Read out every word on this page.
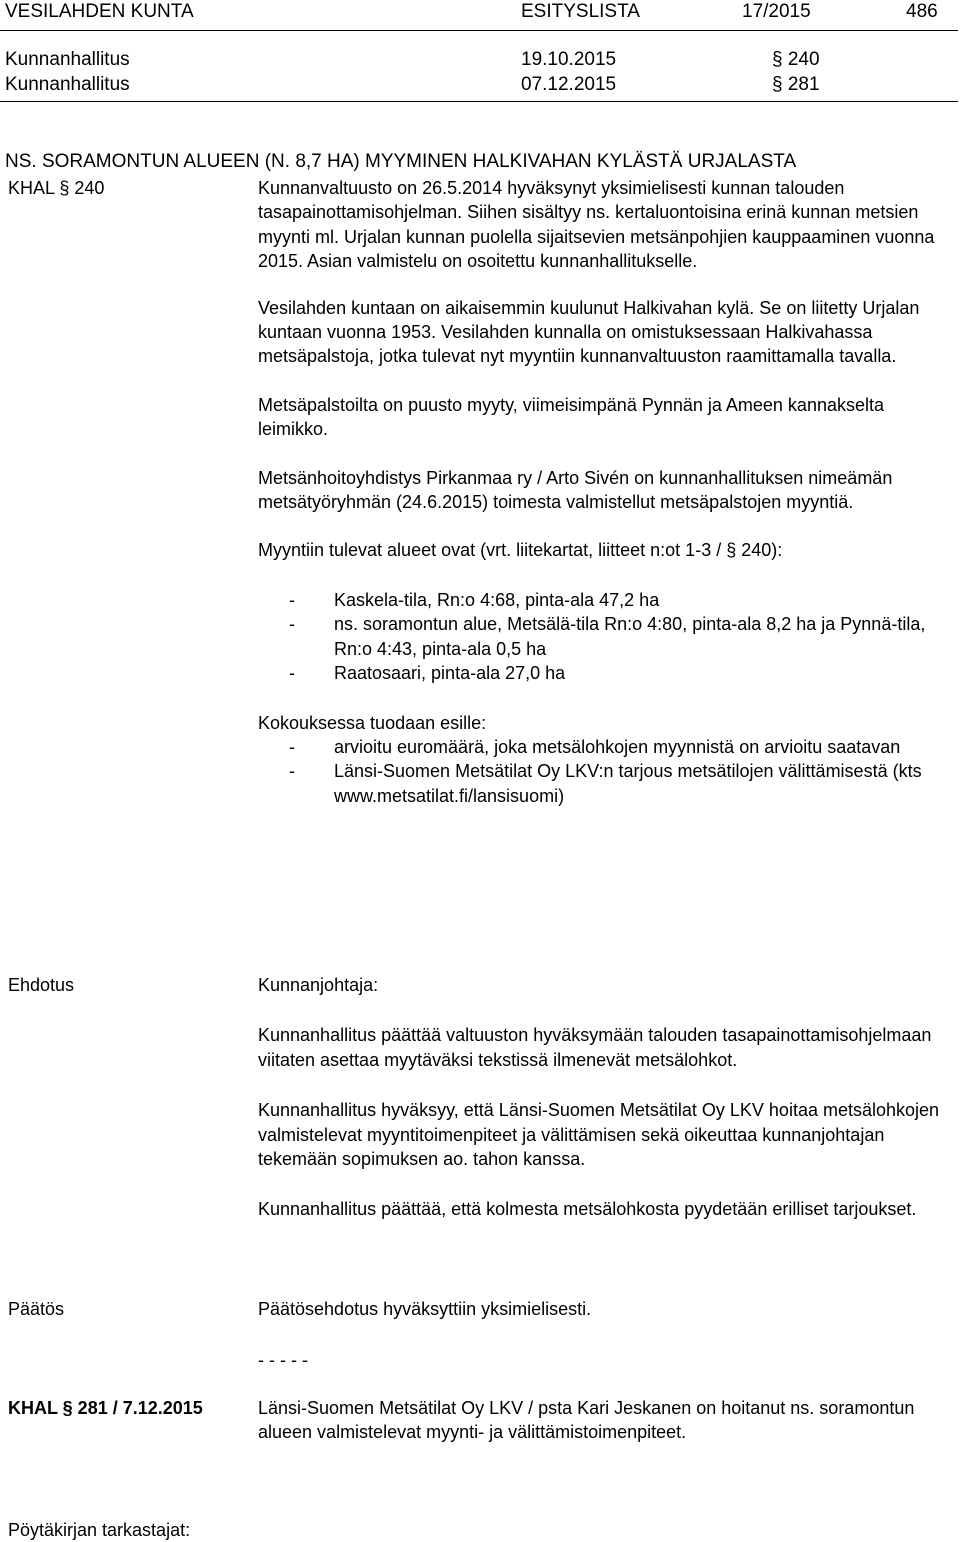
VESILAHDEN KUNTA	ESITYSLISTA	17/2015	486
Kunnanhallitus	19.10.2015	§ 240
Kunnanhallitus	07.12.2015	§ 281
NS. SORAMONTUN ALUEEN (N. 8,7 HA) MYYMINEN HALKIVAHAN KYLÄSTÄ URJALASTA
KHAL § 240	Kunnanvaltuusto on 26.5.2014 hyväksynyt yksimielisesti kunnan talouden tasapainottamisohjelman. Siihen sisältyy ns. kertaluontoisina erinä kunnan metsien myynti ml. Urjalan kunnan puolella sijaitsevien metsänpohjien kauppaaminen vuonna 2015. Asian valmistelu on osoitettu kunnanhallitukselle.

Vesilahden kuntaan on aikaisemmin kuulunut Halkivahan kylä. Se on liitetty Urjalan kuntaan vuonna 1953. Vesilahden kunnalla on omistuksessaan Halkivahassa metsäpalstoja, jotka tulevat nyt myyntiin kunnanvaltuuston raamittamalla tavalla.

Metsäpalstoilta on puusto myyty, viimeisimpänä Pynnän ja Ameen kannakselta leimikko.

Metsänhoitoyhdistys Pirkanmaa ry / Arto Sivén on kunnanhallituksen nimeämän metsätyöryhmän (24.6.2015) toimesta valmistellut metsäpalstojen myyntiä.

Myyntiin tulevat alueet ovat (vrt. liitekartat, liitteet n:ot 1-3 / § 240):

- Kaskela-tila, Rn:o 4:68, pinta-ala 47,2 ha
- ns. soramontun alue, Metsälä-tila Rn:o 4:80, pinta-ala 8,2 ha ja Pynnä-tila, Rn:o 4:43, pinta-ala 0,5 ha
- Raatosaari, pinta-ala 27,0 ha

Kokouksessa tuodaan esille:

- arvioitu euromäärä, joka metsälohkojen myynnistä on arvioitu saatavan
- Länsi-Suomen Metsätilat Oy LKV:n tarjous metsätilojen välittämisestä (kts www.metsatilat.fi/lansisuomi)
Ehdotus	Kunnanjohtaja:

Kunnanhallitus päättää valtuuston hyväksymään talouden tasapainottamisohjelmaan viitaten asettaa myytäväksi tekstissä ilmenevät metsälohkot.

Kunnanhallitus hyväksyy, että Länsi-Suomen Metsätilat Oy LKV hoitaa metsälohkojen valmistelevat myyntitoimenpiteet ja välittämisen sekä oikeuttaa kunnanjohtajan tekemään sopimuksen ao. tahon kanssa.

Kunnanhallitus päättää, että kolmesta metsälohkosta pyydetään erilliset tarjoukset.

Päätös	Päätösehdotus hyväksyttiin yksimielisesti.

- - - - -
KHAL § 281 / 7.12.2015	Länsi-Suomen Metsätilat Oy LKV / psta Kari Jeskanen on hoitanut ns. soramontun alueen valmistelevat myynti- ja välittämistoimenpiteet.

Pöytäkirjan tarkastajat:
